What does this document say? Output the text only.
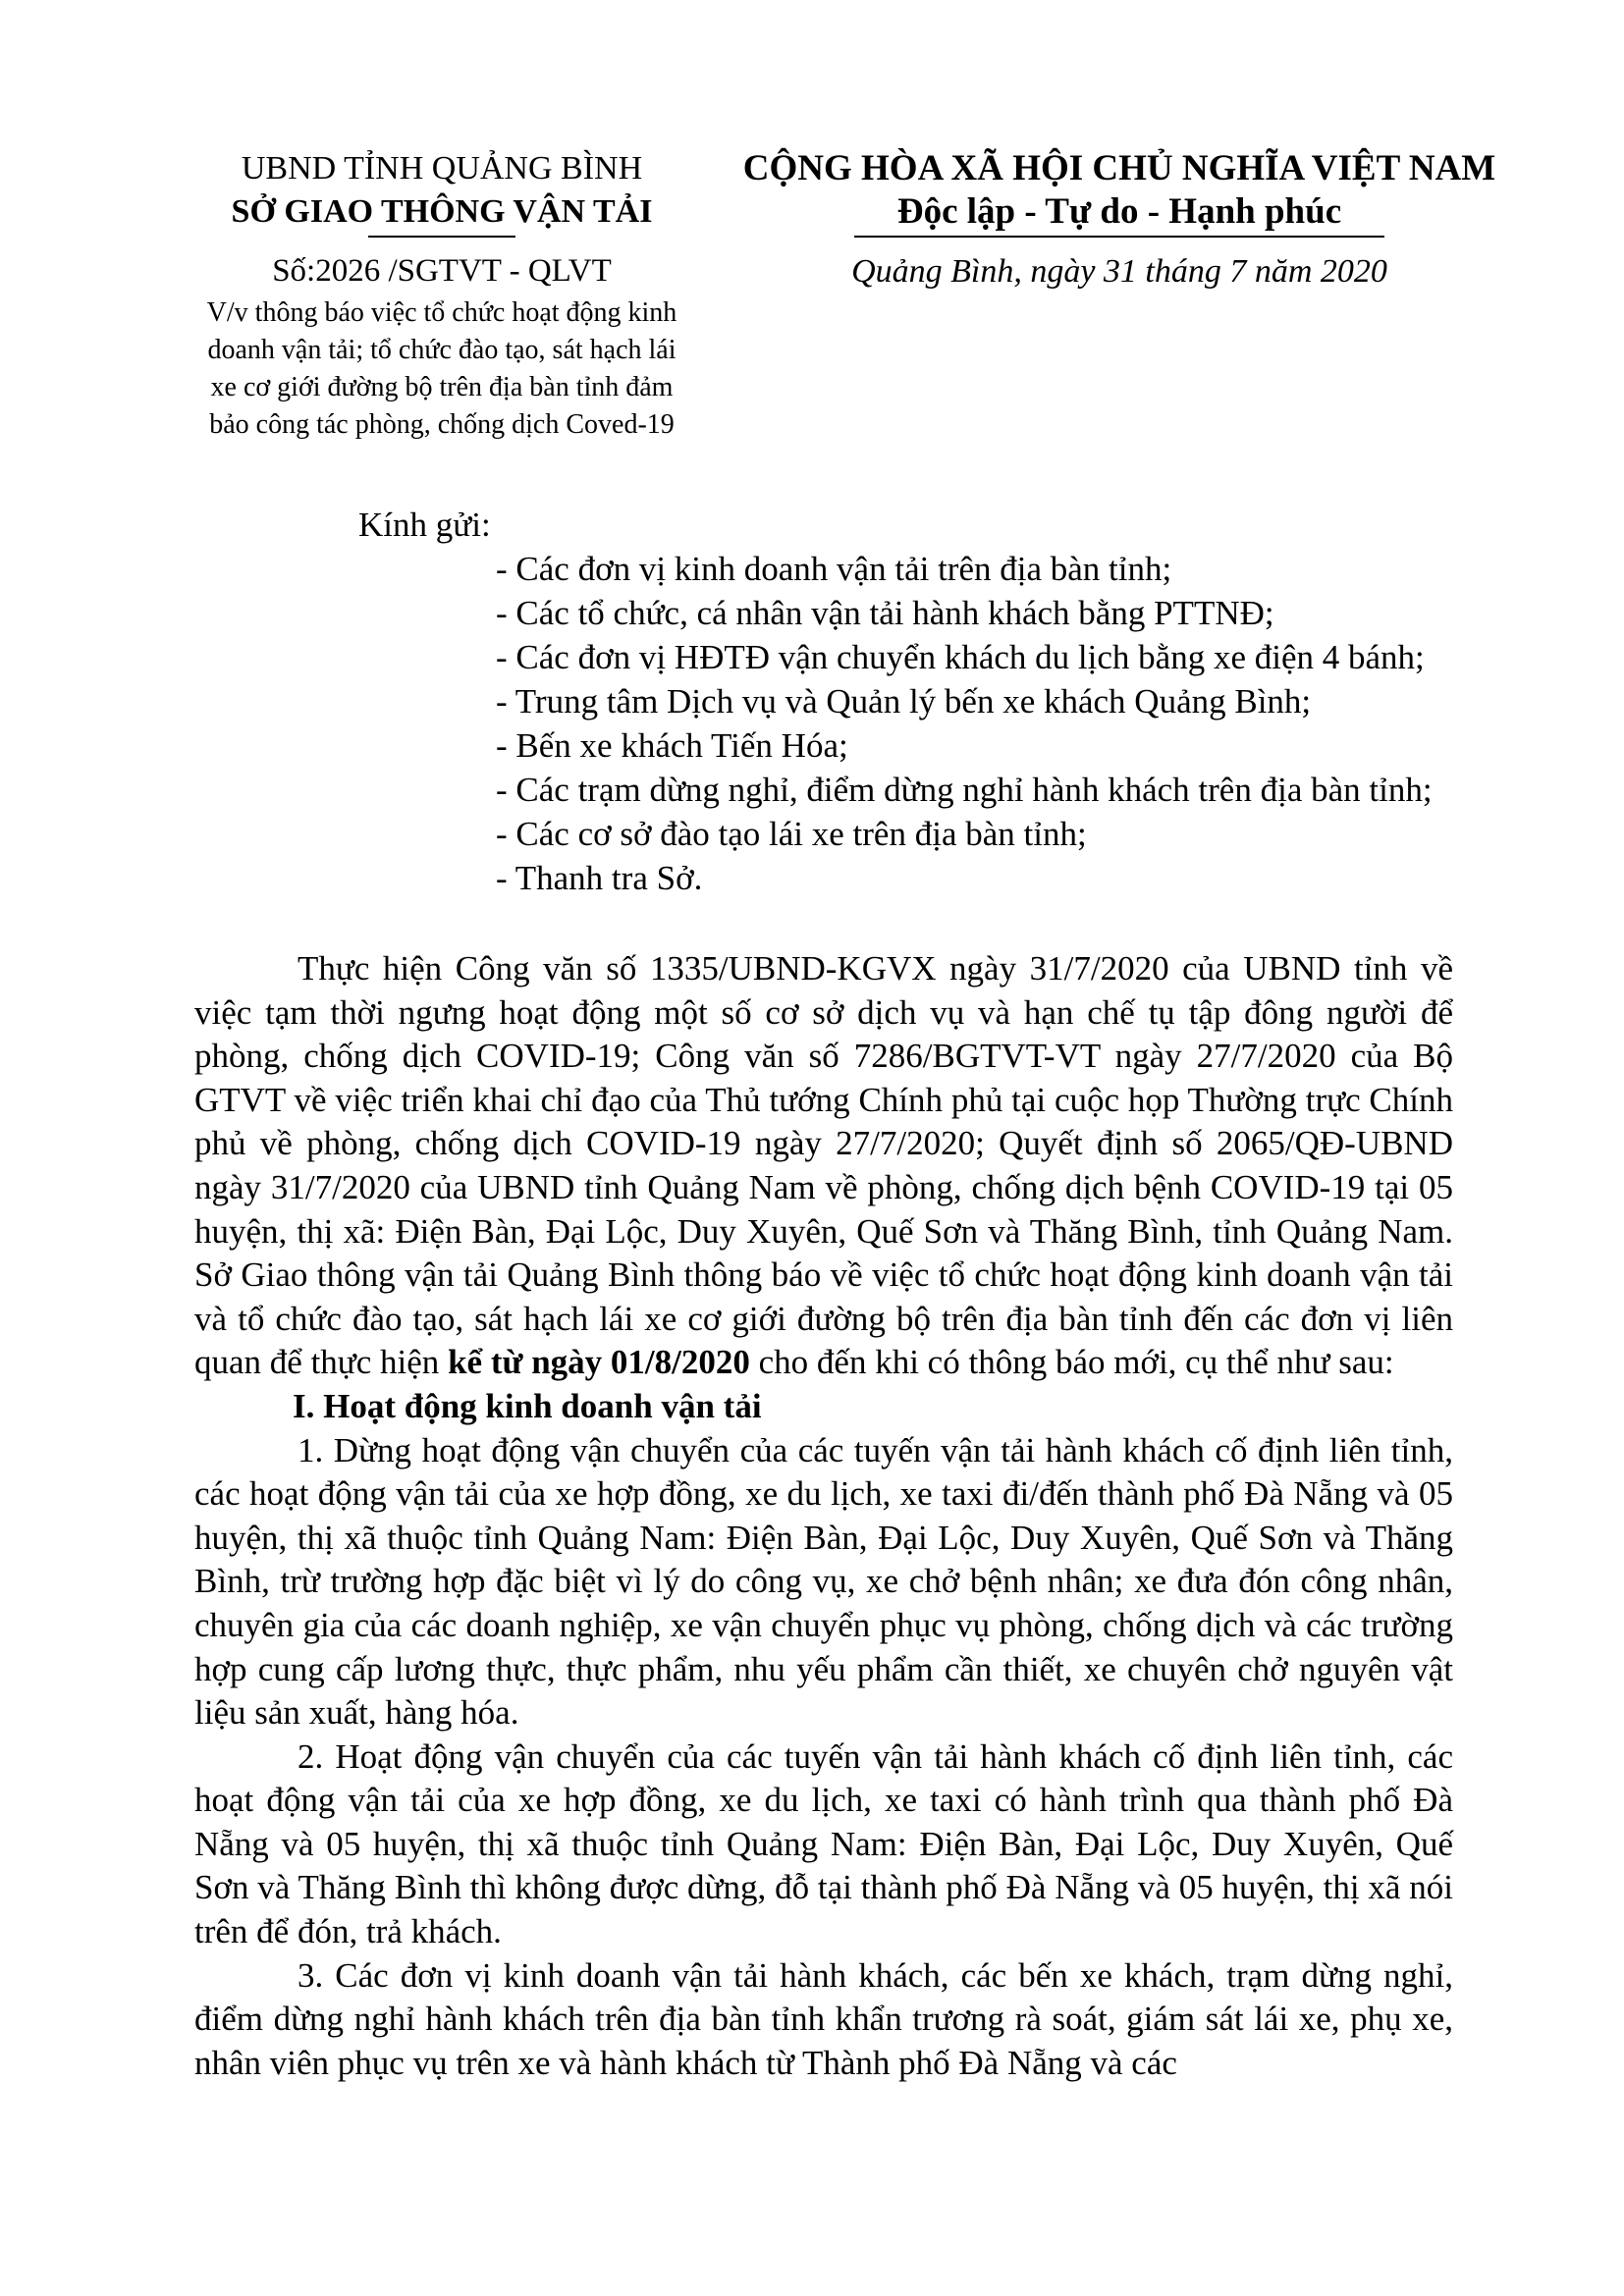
UBND TỈNH QUẢNG BÌNH
SỞ GIAO THÔNG VẬN TẢI
CỘNG HÒA XÃ HỘI CHỦ NGHĨA VIỆT NAM
Độc lập - Tự do - Hạnh phúc
Số:2026 /SGTVT - QLVT	Quảng Bình, ngày 31 tháng 7 năm 2020
V/v thông báo việc tổ chức hoạt động kinh
doanh vận tải; tổ chức đào tạo, sát hạch lái
xe cơ giới đường bộ trên địa bàn tỉnh đảm
bảo công tác phòng, chống dịch Coved-19
Kính gửi:
- Các đơn vị kinh doanh vận tải trên địa bàn tỉnh;
- Các tổ chức, cá nhân vận tải hành khách bằng PTTNĐ;
- Các đơn vị HĐTĐ vận chuyển khách du lịch bằng xe điện 4 bánh;
- Trung tâm Dịch vụ và Quản lý bến xe khách Quảng Bình;
- Bến xe khách Tiến Hóa;
- Các trạm dừng nghỉ, điểm dừng nghỉ hành khách trên địa bàn tỉnh;
- Các cơ sở đào tạo lái xe trên địa bàn tỉnh;
- Thanh tra Sở.

Thực hiện Công văn số 1335/UBND-KGVX ngày 31/7/2020 của UBND tỉnh về việc tạm thời ngưng hoạt động một số cơ sở dịch vụ và hạn chế tụ tập đông người để phòng, chống dịch COVID-19; Công văn số 7286/BGTVT-VT ngày 27/7/2020 của Bộ GTVT về việc triển khai chỉ đạo của Thủ tướng Chính phủ tại cuộc họp Thường trực Chính phủ về phòng, chống dịch COVID-19 ngày 27/7/2020; Quyết định số 2065/QĐ-UBND ngày 31/7/2020 của UBND tỉnh Quảng Nam về phòng, chống dịch bệnh COVID-19 tại 05 huyện, thị xã: Điện Bàn, Đại Lộc, Duy Xuyên, Quế Sơn và Thăng Bình, tỉnh Quảng Nam. Sở Giao thông vận tải Quảng Bình thông báo về việc tổ chức hoạt động kinh doanh vận tải và tổ chức đào tạo, sát hạch lái xe cơ giới đường bộ trên địa bàn tỉnh đến các đơn vị liên quan để thực hiện kể từ ngày 01/8/2020 cho đến khi có thông báo mới, cụ thể như sau:

I. Hoạt động kinh doanh vận tải

1. Dừng hoạt động vận chuyển của các tuyến vận tải hành khách cố định liên tỉnh, các hoạt động vận tải của xe hợp đồng, xe du lịch, xe taxi đi/đến thành phố Đà Nẵng và 05 huyện, thị xã thuộc tỉnh Quảng Nam: Điện Bàn, Đại Lộc, Duy Xuyên, Quế Sơn và Thăng Bình, trừ trường hợp đặc biệt vì lý do công vụ, xe chở bệnh nhân; xe đưa đón công nhân, chuyên gia của các doanh nghiệp, xe vận chuyển phục vụ phòng, chống dịch và các trường hợp cung cấp lương thực, thực phẩm, nhu yếu phẩm cần thiết, xe chuyên chở nguyên vật liệu sản xuất, hàng hóa.

2. Hoạt động vận chuyển của các tuyến vận tải hành khách cố định liên tỉnh, các hoạt động vận tải của xe hợp đồng, xe du lịch, xe taxi có hành trình qua thành phố Đà Nẵng và 05 huyện, thị xã thuộc tỉnh Quảng Nam: Điện Bàn, Đại Lộc, Duy Xuyên, Quế Sơn và Thăng Bình thì không được dừng, đỗ tại thành phố Đà Nẵng và 05 huyện, thị xã nói trên để đón, trả khách.

3. Các đơn vị kinh doanh vận tải hành khách, các bến xe khách, trạm dừng nghỉ, điểm dừng nghỉ hành khách trên địa bàn tỉnh khẩn trương rà soát, giám sát lái xe, phụ xe, nhân viên phục vụ trên xe và hành khách từ Thành phố Đà Nẵng và các
